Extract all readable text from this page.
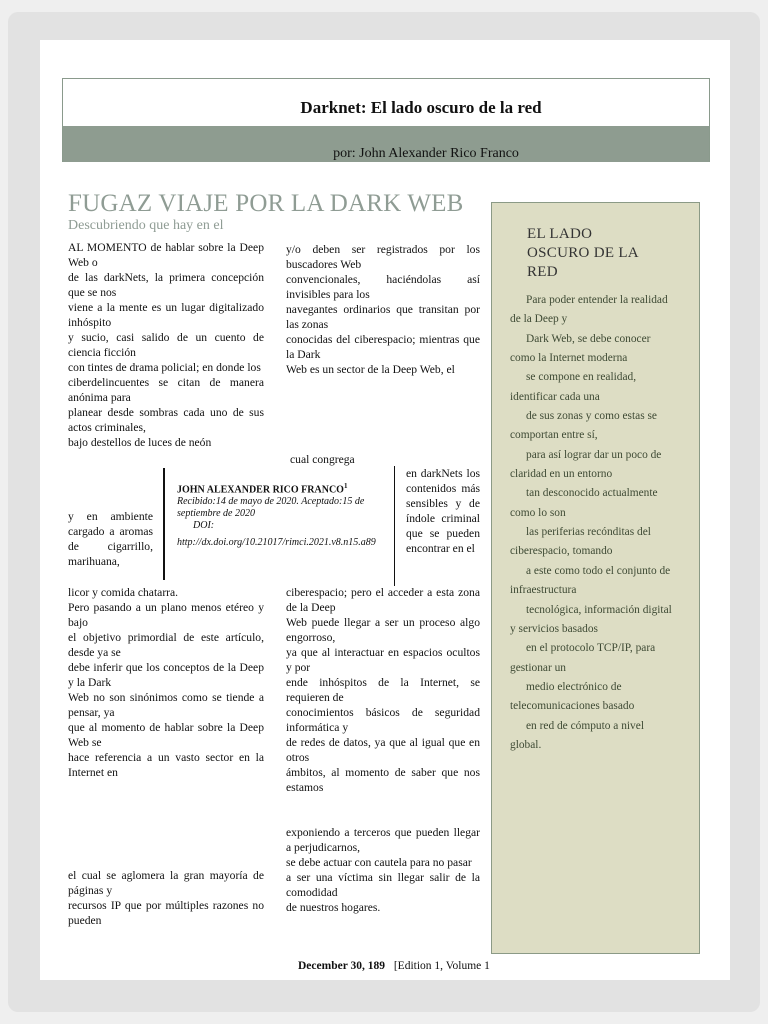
Darknet: El lado oscuro de la red
por: John Alexander Rico Franco
FUGAZ VIAJE POR LA DARK WEB
Descubriendo que hay en el

AL MOMENTO de hablar sobre la Deep Web o

de las darkNets, la primera concepción que se nos

viene a la mente es un lugar digitalizado inhóspito

y sucio, casi salido de un cuento de ciencia ficción

con tintes de drama policial; en donde los

ciberdelincuentes se citan de manera anónima para

planear desde sombras cada uno de sus actos criminales,

bajo destellos de luces de neón

y/o deben ser registrados por los buscadores Web

convencionales, haciéndolas así invisibles para los

navegantes ordinarios que transitan por las zonas

conocidas del ciberespacio; mientras que la Dark

Web es un sector de la Deep Web, el

cual congrega

y en ambiente cargado a aromas de cigarrillo, marihuana,

JOHN ALEXANDER RICO FRANCO$^1$
Recibido:14 de mayo de 2020. Aceptado:15 de septiembre de 2020
DOI:
http://dx.doi.org/10.21017/rimci.2021.v8.n15.a89

en darkNets los contenidos más sensibles y de índole criminal que se pueden encontrar en el

licor y comida chatarra.

Pero pasando a un plano menos etéreo y bajo

el objetivo primordial de este artículo, desde ya se

debe inferir que los conceptos de la Deep y la Dark

Web no son sinónimos como se tiende a pensar, ya

que al momento de hablar sobre la Deep Web se

hace referencia a un vasto sector en la Internet en

ciberespacio; pero el acceder a esta zona de la Deep

Web puede llegar a ser un proceso algo engorroso,

ya que al interactuar en espacios ocultos y por

ende inhóspitos de la Internet, se requieren de

conocimientos básicos de seguridad informática y

de redes de datos, ya que al igual que en otros

ámbitos, al momento de saber que nos estamos

el cual se aglomera la gran mayoría de páginas y

recursos IP que por múltiples razones no pueden

exponiendo a terceros que pueden llegar a perjudicarnos,

se debe actuar con cautela para no pasar

a ser una víctima sin llegar salir de la comodidad

de nuestros hogares.

EL LADO OSCURO DE LA RED
Para poder entender la realidad
de la Deep y
Dark Web, se debe conocer
como la Internet moderna
se compone en realidad,
identificar cada una
de sus zonas y como estas se
comportan entre sí,
para así lograr dar un poco de
claridad en un entorno
tan desconocido actualmente
como lo son
las periferias recónditas del
ciberespacio, tomando
a este como todo el conjunto de
infraestructura
tecnológica, información digital
y servicios basados
en el protocolo TCP/IP, para
gestionar un
medio electrónico de
telecomunicaciones basado
en red de cómputo a nivel
global.
December 30, 189 [Edition 1, Volume 1
